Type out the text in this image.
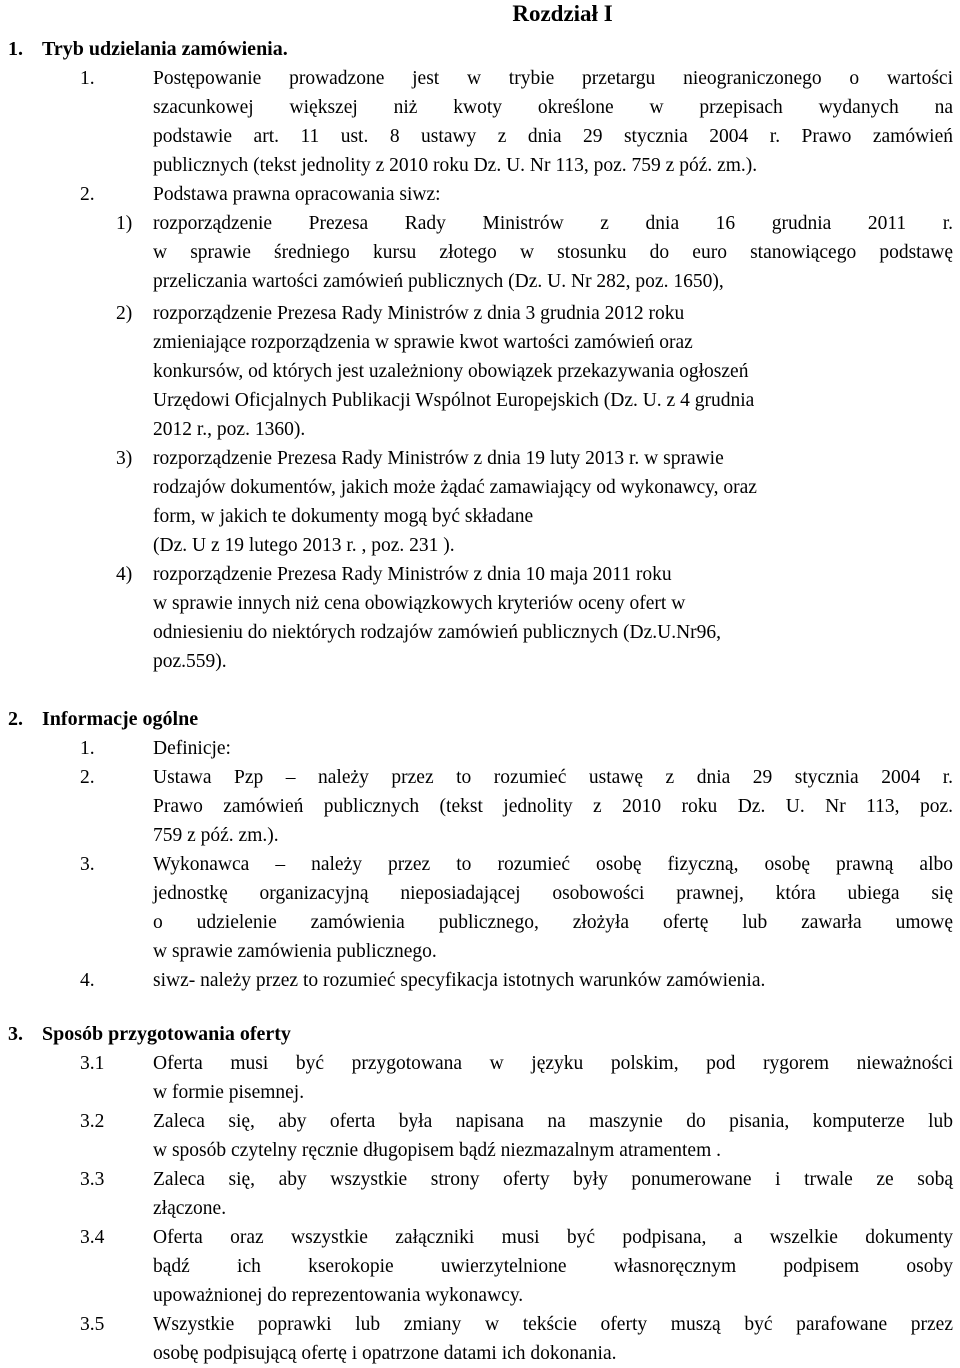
Rozdział I
1. Tryb udzielania zamówienia.
1.	Postępowanie prowadzone jest w trybie przetargu nieograniczonego o wartości
szacunkowej większej niż kwoty określone w przepisach wydanych na
podstawie art. 11 ust. 8 ustawy z dnia 29 stycznia 2004 r. Prawo zamówień
publicznych (tekst jednolity z 2010 roku Dz. U. Nr 113, poz. 759 z póź. zm.).
2.	Podstawa prawna opracowania siwz:
1) rozporządzenie Prezesa Rady Ministrów z dnia 16 grudnia 2011 r.
w sprawie średniego kursu złotego w stosunku do euro stanowiącego podstawę
przeliczania wartości zamówień publicznych (Dz. U. Nr 282, poz. 1650),
2) rozporządzenie Prezesa Rady Ministrów z dnia 3 grudnia 2012 roku
zmieniające rozporządzenia w sprawie kwot wartości zamówień oraz
konkursów, od których jest uzależniony obowiązek przekazywania ogłoszeń
Urzędowi Oficjalnych Publikacji Wspólnot Europejskich (Dz. U. z 4 grudnia
2012 r., poz. 1360).
3) rozporządzenie Prezesa Rady Ministrów z dnia 19 luty 2013 r. w sprawie
rodzajów dokumentów, jakich może żądać zamawiający od wykonawcy, oraz
form, w jakich te dokumenty mogą być składane
(Dz. U z 19 lutego 2013 r. , poz. 231 ).
4) rozporządzenie Prezesa Rady Ministrów z dnia 10 maja 2011 roku
w sprawie innych niż cena obowiązkowych kryteriów oceny ofert w
odniesieniu do niektórych rodzajów zamówień publicznych (Dz.U.Nr96,
poz.559).
2. Informacje ogólne
1.	Definicje:
2.	Ustawa Pzp – należy przez to rozumieć ustawę z dnia 29 stycznia 2004 r.
Prawo zamówień publicznych (tekst jednolity z 2010 roku Dz. U. Nr 113, poz.
759 z póź. zm.).
3.	Wykonawca – należy przez to rozumieć osobę fizyczną, osobę prawną albo
jednostkę organizacyjną nieposiadającej osobowości prawnej, która ubiega się
o udzielenie zamówienia publicznego, złożyła ofertę lub zawarła umowę
w sprawie zamówienia publicznego.
4.	siwz- należy przez to rozumieć specyfikacja istotnych warunków zamówienia.
3. Sposób przygotowania oferty
3.1 Oferta musi być przygotowana w języku polskim, pod rygorem nieważności
w formie pisemnej.
3.2 Zaleca się, aby oferta była napisana na maszynie do pisania, komputerze lub
w sposób czytelny ręcznie długopisem bądź niezmazalnym atramentem .
3.3 Zaleca się, aby wszystkie strony oferty były ponumerowane i trwale ze sobą
złączone.
3.4 Oferta oraz wszystkie załączniki musi być podpisana, a wszelkie dokumenty
bądź ich kserokopie uwierzytelnione własnoręcznym podpisem osoby
upoważnionej do reprezentowania wykonawcy.
3.5 Wszystkie poprawki lub zmiany w tekście oferty muszą być parafowane przez
osobę podpisującą ofertę i opatrzone datami ich dokonania.
